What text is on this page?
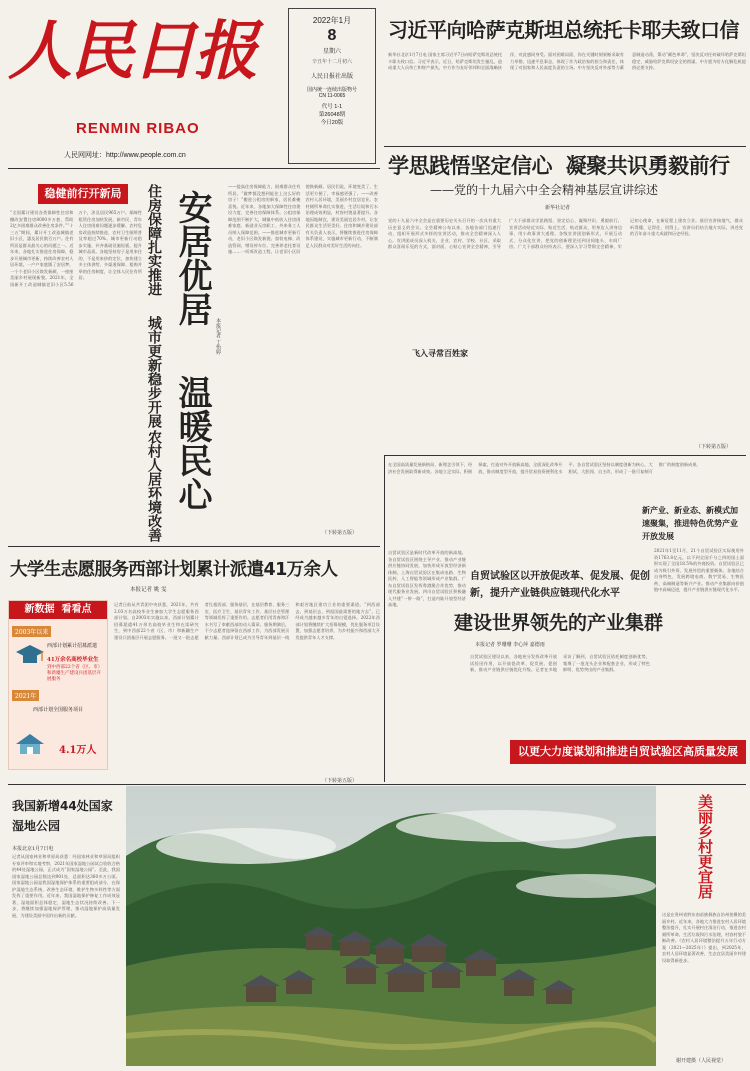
人民日报
RENMIN RIBAO
人民网网址：http://www.people.com.cn
2022年1月
8
星期六
辛丑年十二月初六
人民日报社出版
国内统一连续出版物号
CN 11-0065
代号 1-1
第26048期
今日20版
习近平向哈萨克斯坦总统托卡耶夫致口信
新华社北京1月7日电 国家主席习近平7日向哈萨克斯坦总统托卡耶夫致口信。习近平表示，近日，哈萨克斯坦发生骚乱，造成重大人员伤亡和财产损失。中方作为友好邻邦和全面战略伙伴，对此感同身受。面对困难局面，你在关键时刻果断采取有力举措，迅速平息事态，体现了作为政治家的担当和责任，体现了对国家和人民高度负责的立场。中方坚决反对外部势力蓄意制造动荡，策动“颜色革命”，坚决反对任何破坏哈萨克斯坦稳定、威胁哈萨克斯坦安全的图谋。中方愿为哈方化解危机提供必要支持。
学思践悟坚定信心  凝聚共识勇毅前行
——党的十九届六中全会精神基层宣讲综述
新华社记者
党的十九届六中全会是在重要历史关头召开的一次具有重大历史意义的会议。全会精神公布以来，各地各部门迅速行动，组织开展形式多样的宣讲活动，推动全会精神深入人心。宣讲团成员深入机关、企业、农村、学校、社区，采取群众喜闻乐见的方式，面对面、心贴心宣讲全会精神，引导广大干部群众学思践悟、坚定信心、凝聚共识、勇毅前行。宣讲活动贴近实际、贴近生活、贴近群众，用身边人讲身边事，用小故事讲大道理。各级宣讲团创新形式，开展互动式、分众化宣讲，把党的创新理论送到田间地头、车间厂房。广大干部群众纷纷表示，要深入学习贯彻全会精神，牢记初心使命，在新征程上建功立业。基层宣讲接地气，群众听得懂、记得住、用得上。宣讲员们结合地方实际，讲述党的百年奋斗重大成就和历史经验。
飞入寻常百姓家
（下转第五版）
稳健前行开新局
“全国累计建设各类保障性住房和棚改安置住房8000多万套，帮助2亿多困难群众改善住房条件。”“十三五”期间，累计开工改造城镇老旧小区，惠及居民数百万户。住有所居是群众最关心的问题之一。近年来，各地扎实推进住房保障，稳步开展城市更新，持续改善农村人居环境。一户户家庭圆了安居梦，一个个老旧小区焕发新颜，一座座美丽乡村展现新貌。2021年，全国新开工改造城镇老旧小区5.56万个，涉及居民965万户。保障性租赁住房加快发展，新市民、青年人住房困难问题逐步缓解。农村危房改造持续推进，农村卫生厕所普及率超过70%。城市更新行动稳步实施，补齐基础设施短板，提升城市品质。各地坚持房子是用来住的、不是用来炒的定位，加快建立多主体供给、多渠道保障、租购并举的住房制度，让全体人民住有所居。	安居优居
温暖民心
住房保障扎实推进
城市更新稳步开展
农村人居环境改善
本报记者 丁怡婷
——提高住房保障能力，困难群众住有所居。“做梦都没想到能住上这么好的房子！”搬进公租房的新家，居民难掩喜悦。近年来，各地加大保障性住房建设力度，完善住房保障体系。公租房保障范围不断扩大，城镇中低收入住房困难家庭、新就业无房职工、外来务工人员纳入保障范围。——推进城市更新行动，老旧小区焕发新貌。加装电梯、改造管网、增设停车位、完善养老托育设施……一项项改造工程，让老旧小区旧貌换新颜。居民们说，环境变美了，生活更方便了，幸福感更强了。——改善农村人居环境，美丽乡村宜居宜业。农村厕所革命扎实推进，生活垃圾和污水治理成效明显，村容村貌显著提升。各地因地制宜，建设美丽宜居乡村，让农民群众生活更美好。住房和城乡建设部有关负责人表示，将继续推进住房保障体系建设，实施城市更新行动，不断满足人民群众对美好生活的向往。
（下转第五版）
大学生志愿服务西部计划累计派遣41万余人
本报记者 姚 雯
新数据  看看点
2003年以来
西部计划累计招募派遣
41万余名高校毕业生
到中西部22个省（区、市）和新疆生产建设兵团基层开展服务
2021年
西部计划全国服务项目
4.1万人
记者日前从共青团中央获悉，2021年，共有2.03万名高校毕业生参加大学生志愿服务西部计划。自2003年实施以来，西部计划累计招募派遣41万余名高校毕业生和在读研究生，到中西部22个省（区、市）和新疆生产建设兵团基层开展志愿服务。一批又一批志愿者扎根西部、服务基层，在基层教育、服务三农、医疗卫生、基层青年工作、基层社会管理等领域发挥了重要作用。志愿者们用青春和汗水书写了奉献西部的动人篇章。服务期满后，不少志愿者选择留在西部工作，为西部发展贡献力量。西部计划已成为引导青年到基层一线和艰苦地区建功立业的重要渠道。“到西部去、到基层去、到祖国最需要的地方去”，已经成为越来越多青年的自觉选择。2022年西部计划将继续扩大招募规模，优化服务项目设置，加强志愿者培养，为乡村振兴和西部大开发提供青年人才支撑。
（下转第五版）
在全国高质量发展新格局、新理念引领下，经济社会发展取得新成效。各地立足实际，积极探索，打造对外开放新高地。全面深化改革开放，推动制度型开放，提升贸易投资便利化水平。各自贸试验区坚持以制度创新为核心，大胆试、大胆闯、自主改，形成了一批可复制可推广的制度创新成果。
新产业、新业态、新模式加速聚集，推进特色优势产业开放发展
自贸试验区是新时代改革开放的新高地。各自贸试验区围绕主导产业，推动产业链供应链协同发展，加快形成开放型经济新体制。上海自贸试验区在集成电路、生物医药、人工智能等领域形成产业集群。广东自贸试验区发挥粤港澳合作优势，推动现代服务业发展。四川自贸试验区积极融入共建“一带一路”，打造内陆开放型经济高地。
自贸试验区以开放促改革、促发展、促创新，提升产业链供应链现代化水平
建设世界领先的产业集群
本报记者 罗珊珊 李心萍 嘉德雨
自贸试验区建设以来，各地充分发挥改革开放试验田作用，以开放促改革、促发展、促创新，推动产业链供应链优化升级。记者在多地采访了解到，自贸试验区依托制度创新优势，集聚了一批龙头企业和配套企业，形成了特色鲜明、优势突出的产业集群。
2021年1至11月，21个自贸试验区实际使用外资1763.8亿元，以不到全国千分之四的国土面积实现了全国18.5%的外商投资。自贸试验区已成为吸引外资、发展外贸的重要载体。各地结合自身特色，发展跨境电商、数字贸易、生物医药、高端制造等新兴产业。推动产业集群向价值链中高端迈进，提升产业链供应链现代化水平。
以更大力度谋划和推进自贸试验区高质量发展
我国新增44处国家湿地公园
本报北京1月7日电
记者从国家林业和草原局获悉：经国家林业和草原局组织专家评审和实地考察，2021年国家湿地公园试点验收合格的44处湿地公园，正式成为“国家湿地公园”。至此，我国国家湿地公园总数达到901处，总面积达360多万公顷。国家湿地公园是我国湿地保护体系的重要组成部分，在保护湿地生态系统、改善生态环境、维护生物多样性等方面发挥了重要作用。近年来，我国湿地保护修复工作成效显著，湿地面积总体稳定，湿地生态状况持续改善。下一步，将继续加强湿地保护管理，推动湿地保护高质量发展，为建设美丽中国作出新的贡献。
美丽乡村更宜居
这是在贵州省黔东南苗族侗族自治州拍摄的美丽乡村。近年来，各地大力推进农村人居环境整治提升，扎实开展村庄清洁行动，推进农村厕所革命、生活垃圾和污水治理，村容村貌不断改善。《农村人居环境整治提升五年行动方案（2021—2025年）》提出，到2025年，农村人居环境显著改善，生态宜居美丽乡村建设取得新进步。
谢开建摄（人民视觉）
